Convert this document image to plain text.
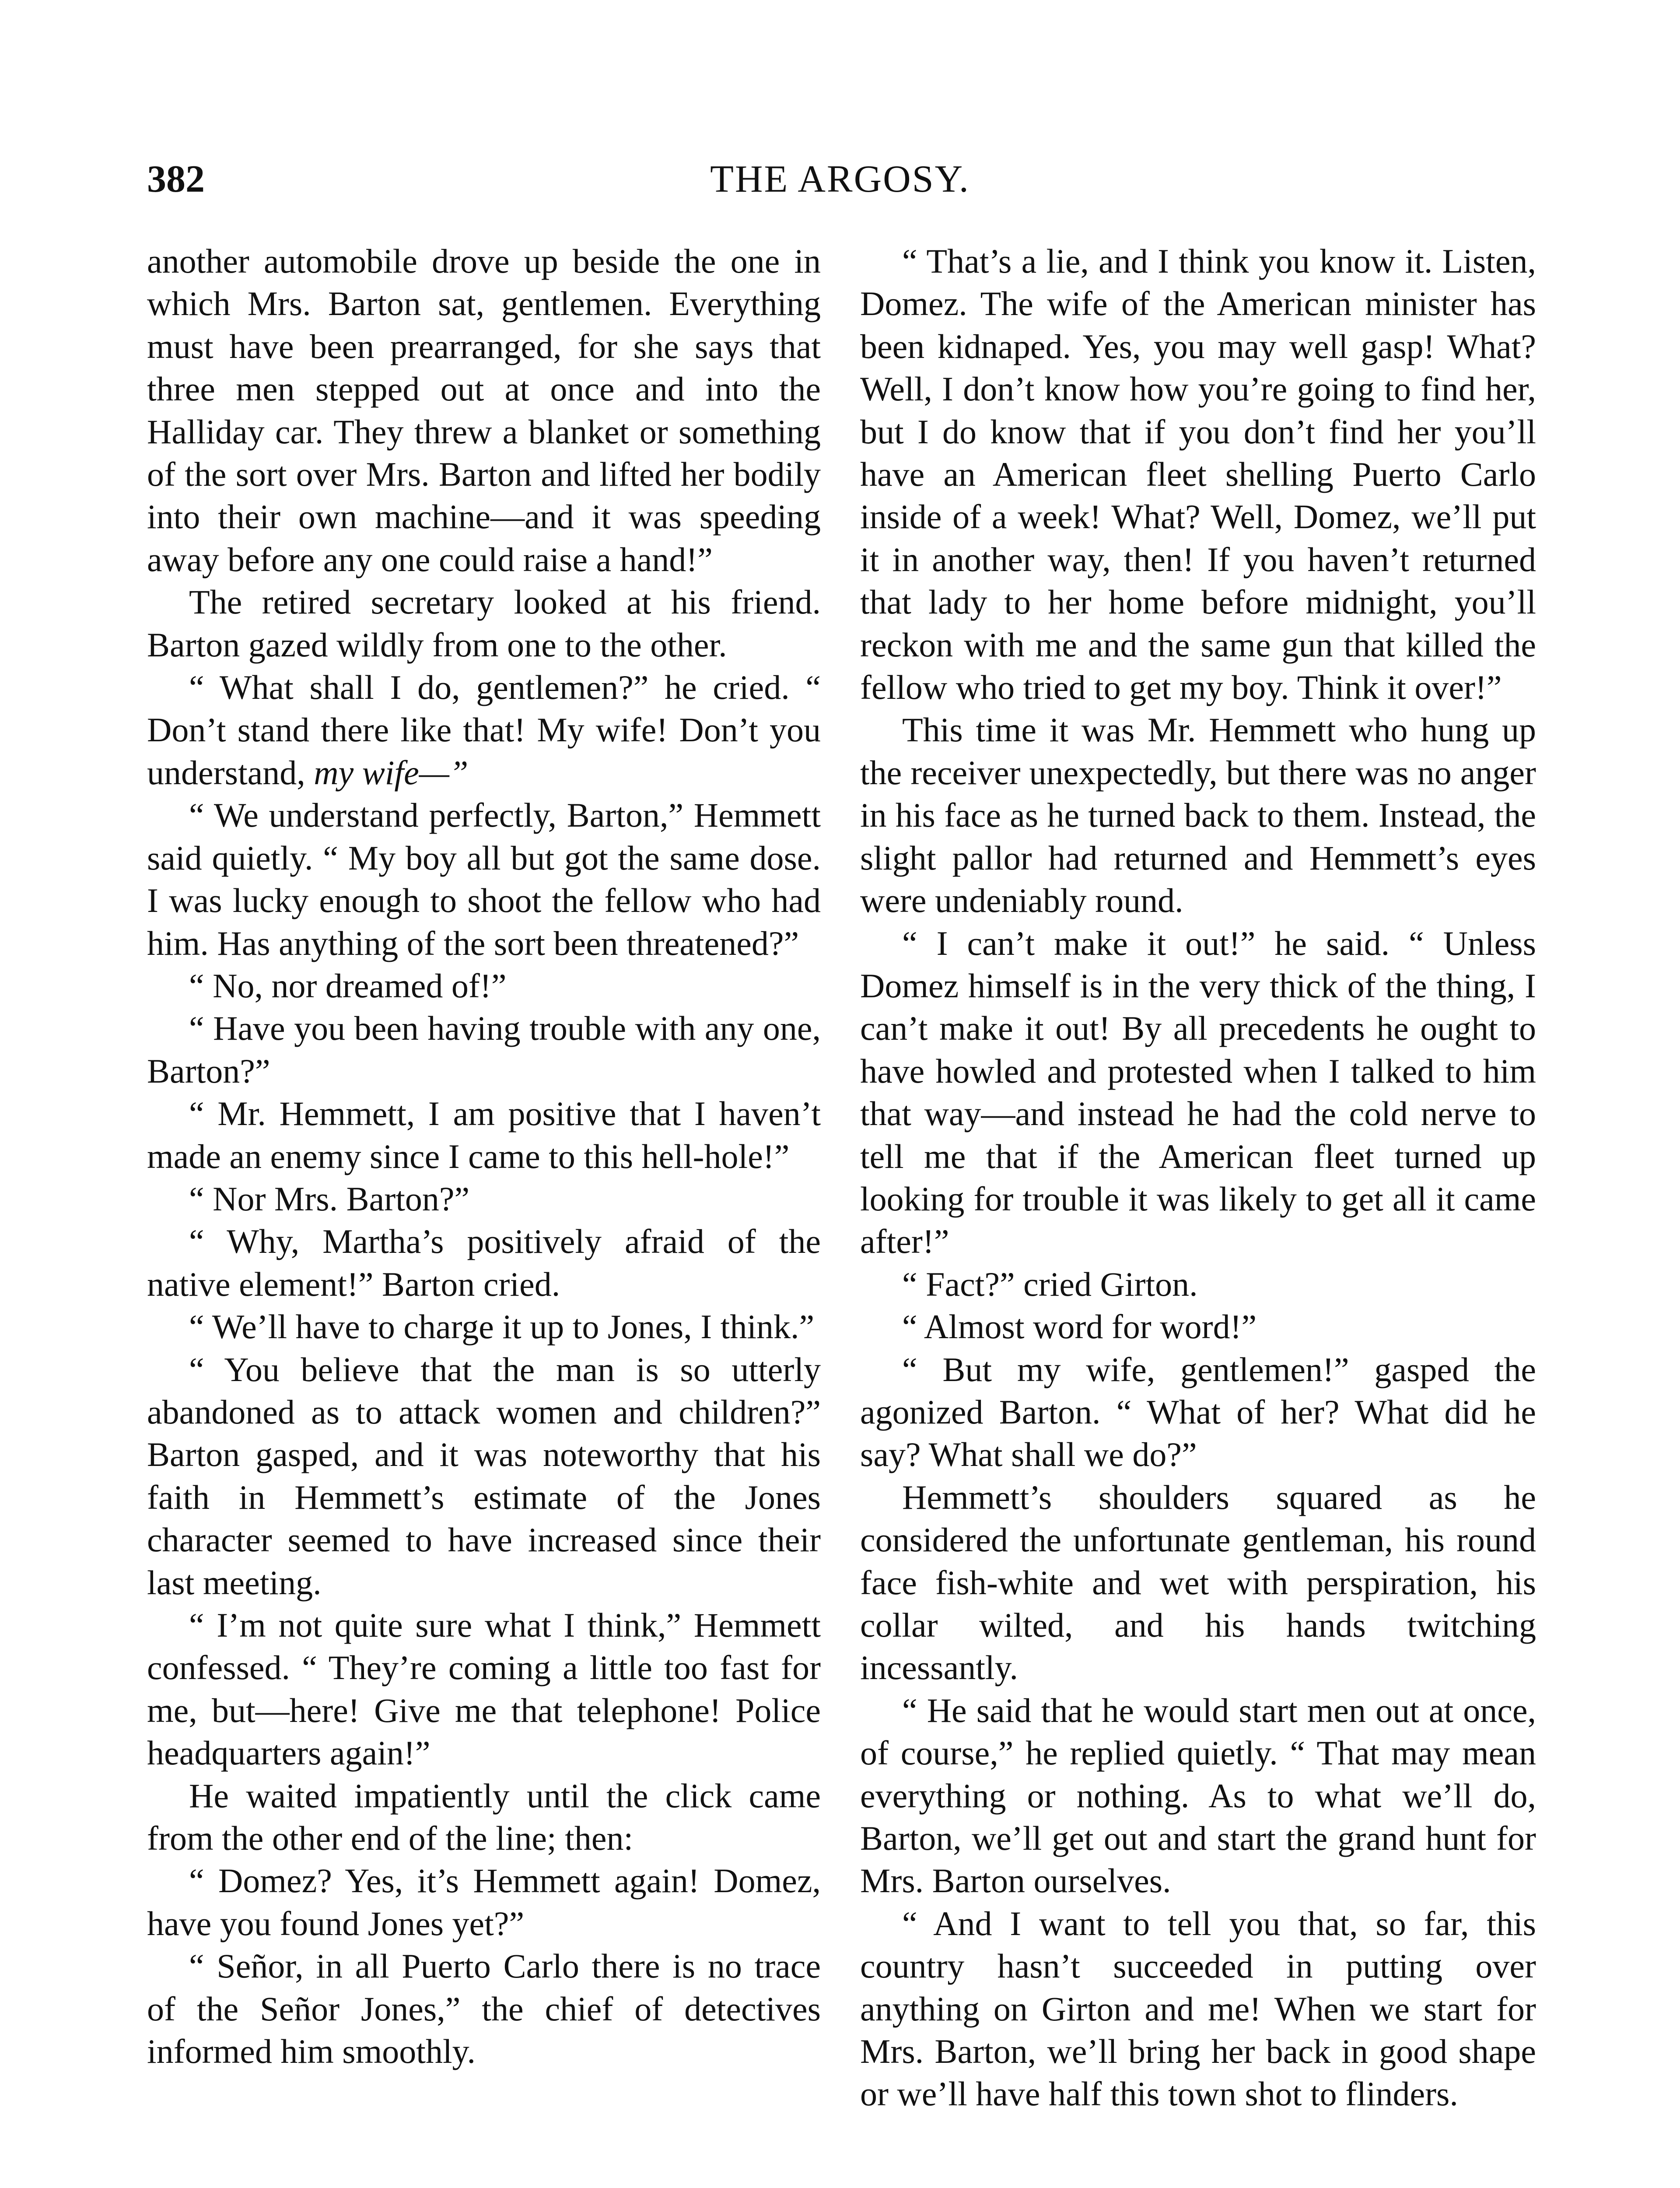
382	THE ARGOSY.

another automobile drove up beside the one in which Mrs. Barton sat, gentlemen. Everything must have been prearranged, for she says that three men stepped out at once and into the Halliday car. They threw a blanket or something of the sort over Mrs. Barton and lifted her bodily into their own machine—and it was speeding away before any one could raise a hand!”

The retired secretary looked at his friend. Barton gazed wildly from one to the other.

“ What shall I do, gentlemen?” he cried. “ Don’t stand there like that! My wife! Don’t you understand, my wife—”

“ We understand perfectly, Barton,” Hemmett said quietly. “ My boy all but got the same dose. I was lucky enough to shoot the fellow who had him. Has anything of the sort been threatened?”

“ No, nor dreamed of!”

“ Have you been having trouble with any one, Barton?”

“ Mr. Hemmett, I am positive that I haven’t made an enemy since I came to this hell-hole!”

“ Nor Mrs. Barton?”

“ Why, Martha’s positively afraid of the native element!” Barton cried.

“ We’ll have to charge it up to Jones, I think.”

“ You believe that the man is so utterly abandoned as to attack women and children?” Barton gasped, and it was noteworthy that his faith in Hemmett’s estimate of the Jones character seemed to have increased since their last meeting.

“ I’m not quite sure what I think,” Hemmett confessed. “ They’re coming a little too fast for me, but—here! Give me that telephone! Police headquarters again!”

He waited impatiently until the click came from the other end of the line; then:

“ Domez? Yes, it’s Hemmett again! Domez, have you found Jones yet?”

“ Señor, in all Puerto Carlo there is no trace of the Señor Jones,” the chief of detectives informed him smoothly.

“ That’s a lie, and I think you know it. Listen, Domez. The wife of the American minister has been kidnaped. Yes, you may well gasp! What? Well, I don’t know how you’re going to find her, but I do know that if you don’t find her you’ll have an American fleet shelling Puerto Carlo inside of a week! What? Well, Domez, we’ll put it in another way, then! If you haven’t returned that lady to her home before midnight, you’ll reckon with me and the same gun that killed the fellow who tried to get my boy. Think it over!”

This time it was Mr. Hemmett who hung up the receiver unexpectedly, but there was no anger in his face as he turned back to them. Instead, the slight pallor had returned and Hemmett’s eyes were undeniably round.

“ I can’t make it out!” he said. “ Unless Domez himself is in the very thick of the thing, I can’t make it out! By all precedents he ought to have howled and protested when I talked to him that way—and instead he had the cold nerve to tell me that if the American fleet turned up looking for trouble it was likely to get all it came after!”

“ Fact?” cried Girton.

“ Almost word for word!”

“ But my wife, gentlemen!” gasped the agonized Barton. “ What of her? What did he say? What shall we do?”

Hemmett’s shoulders squared as he considered the unfortunate gentleman, his round face fish-white and wet with perspiration, his collar wilted, and his hands twitching incessantly.

“ He said that he would start men out at once, of course,” he replied quietly. “ That may mean everything or nothing. As to what we’ll do, Barton, we’ll get out and start the grand hunt for Mrs. Barton ourselves.

“ And I want to tell you that, so far, this country hasn’t succeeded in putting over anything on Girton and me! When we start for Mrs. Barton, we’ll bring her back in good shape or we’ll have half this town shot to flinders.
